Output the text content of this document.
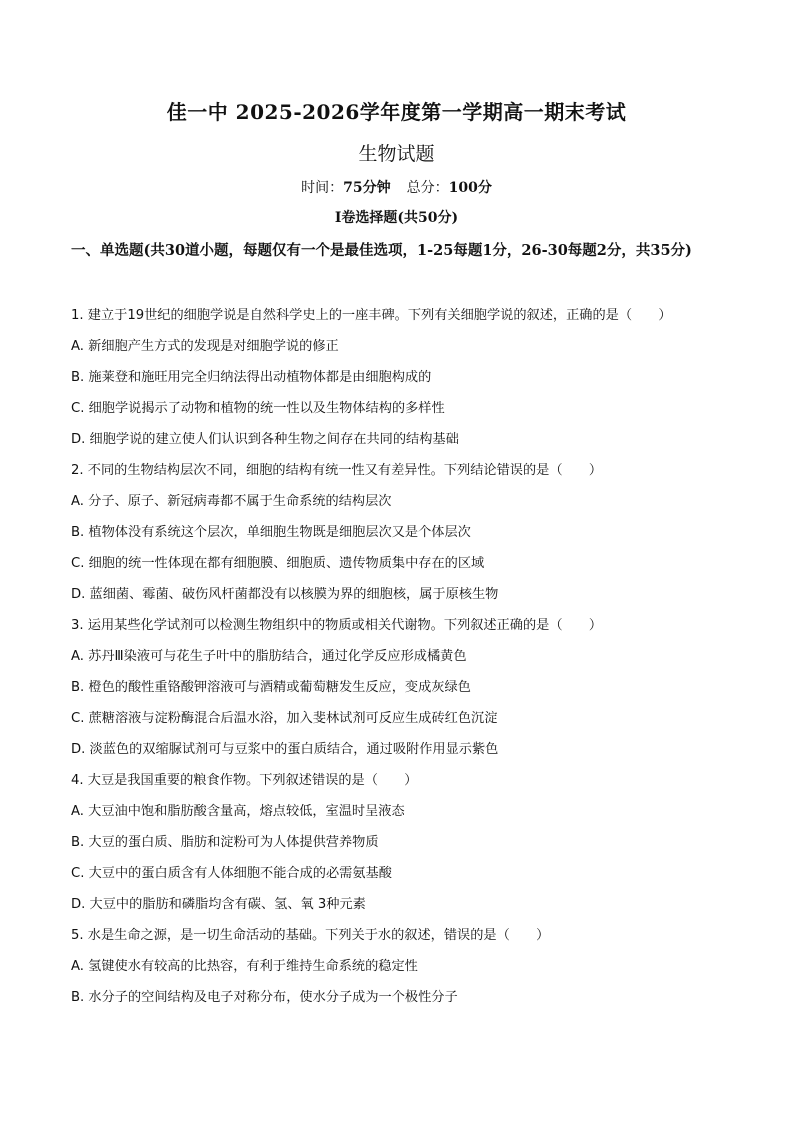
佳一中 2025-2026学年度第一学期高一期末考试
生物试题
时间：75分钟 总分：100分
I卷选择题(共50分)
一、单选题(共30道小题，每题仅有一个是最佳选项，1-25每题1分，26-30每题2分，共35分)
1. 建立于19世纪的细胞学说是自然科学史上的一座丰碑。下列有关细胞学说的叙述，正确的是（　　）
A. 新细胞产生方式的发现是对细胞学说的修正
B. 施莱登和施旺用完全归纳法得出动植物体都是由细胞构成的
C. 细胞学说揭示了动物和植物的统一性以及生物体结构的多样性
D. 细胞学说的建立使人们认识到各种生物之间存在共同的结构基础
2. 不同的生物结构层次不同，细胞的结构有统一性又有差异性。下列结论错误的是（　　）
A. 分子、原子、新冠病毒都不属于生命系统的结构层次
B. 植物体没有系统这个层次，单细胞生物既是细胞层次又是个体层次
C. 细胞的统一性体现在都有细胞膜、细胞质、遗传物质集中存在的区域
D. 蓝细菌、霉菌、破伤风杆菌都没有以核膜为界的细胞核，属于原核生物
3. 运用某些化学试剂可以检测生物组织中的物质或相关代谢物。下列叙述正确的是（　　）
A. 苏丹Ⅲ染液可与花生子叶中的脂肪结合，通过化学反应形成橘黄色
B. 橙色的酸性重铬酸钾溶液可与酒精或葡萄糖发生反应，变成灰绿色
C. 蔗糖溶液与淀粉酶混合后温水浴，加入斐林试剂可反应生成砖红色沉淀
D. 淡蓝色的双缩脲试剂可与豆浆中的蛋白质结合，通过吸附作用显示紫色
4. 大豆是我国重要的粮食作物。下列叙述错误的是（　　）
A. 大豆油中饱和脂肪酸含量高，熔点较低，室温时呈液态
B. 大豆的蛋白质、脂肪和淀粉可为人体提供营养物质
C. 大豆中的蛋白质含有人体细胞不能合成的必需氨基酸
D. 大豆中的脂肪和磷脂均含有碳、氢、氧 3种元素
5. 水是生命之源，是一切生命活动的基础。下列关于水的叙述，错误的是（　　）
A. 氢键使水有较高的比热容，有利于维持生命系统的稳定性
B. 水分子的空间结构及电子对称分布，使水分子成为一个极性分子
